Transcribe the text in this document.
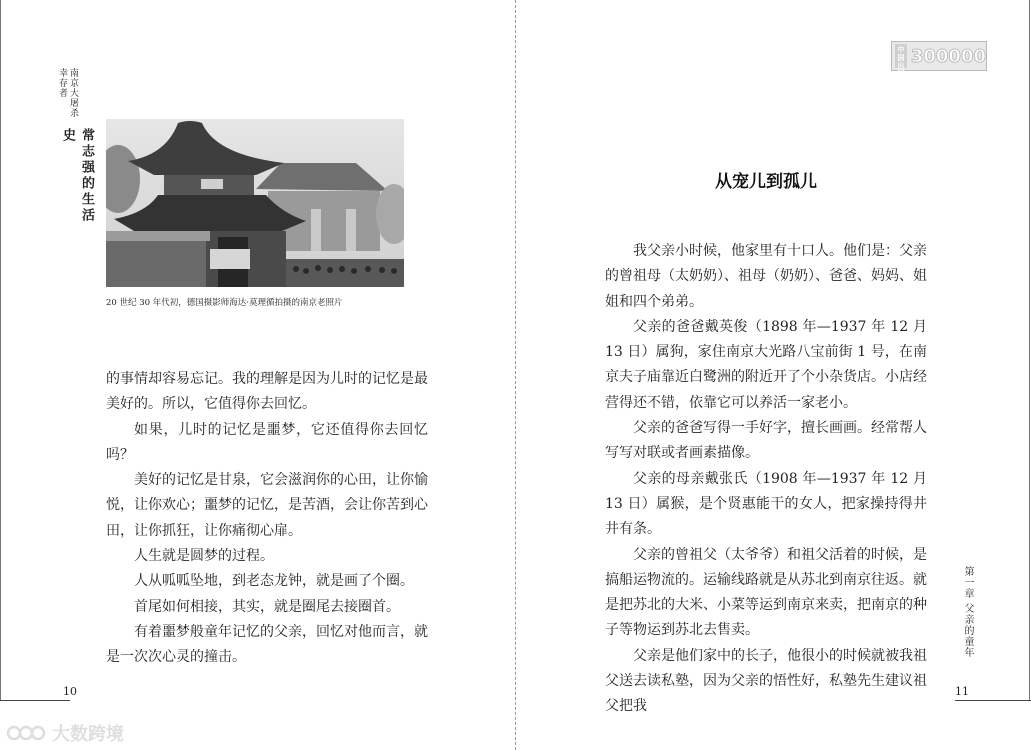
南京大屠杀幸存者
常志强的生活史
20 世纪 30 年代初，德国摄影师海达·莫理循拍摄的南京老照片

的事情却容易忘记。我的理解是因为儿时的记忆是最美好的。所以，它值得你去回忆。

如果，儿时的记忆是噩梦，它还值得你去回忆吗？

美好的记忆是甘泉，它会滋润你的心田，让你愉悦，让你欢心；噩梦的记忆，是苦酒，会让你苦到心田，让你抓狂，让你痛彻心扉。

人生就是圆梦的过程。

人从呱呱坠地，到老态龙钟，就是画了个圈。

首尾如何相接，其实，就是圈尾去接圈首。

有着噩梦般童年记忆的父亲，回忆对他而言，就是一次次心灵的撞击。

10
中国出版集团
300000
从宠儿到孤儿

我父亲小时候，他家里有十口人。他们是：父亲的曾祖母（太奶奶）、祖母（奶奶）、爸爸、妈妈、姐姐和四个弟弟。

父亲的爸爸戴英俊（1898 年—1937 年 12 月 13 日）属狗，家住南京大光路八宝前街 1 号，在南京夫子庙靠近白鹭洲的附近开了个小杂货店。小店经营得还不错，依靠它可以养活一家老小。

父亲的爸爸写得一手好字，擅长画画。经常帮人写写对联或者画素描像。

父亲的母亲戴张氏（1908 年—1937 年 12 月 13 日）属猴，是个贤惠能干的女人，把家操持得井井有条。

父亲的曾祖父（太爷爷）和祖父活着的时候，是搞船运物流的。运输线路就是从苏北到南京往返。就是把苏北的大米、小菜等运到南京来卖，把南京的种子等物运到苏北去售卖。

父亲是他们家中的长子，他很小的时候就被我祖父送去读私塾，因为父亲的悟性好，私塾先生建议祖父把我

第一章 父亲的童年
11
大数跨境
